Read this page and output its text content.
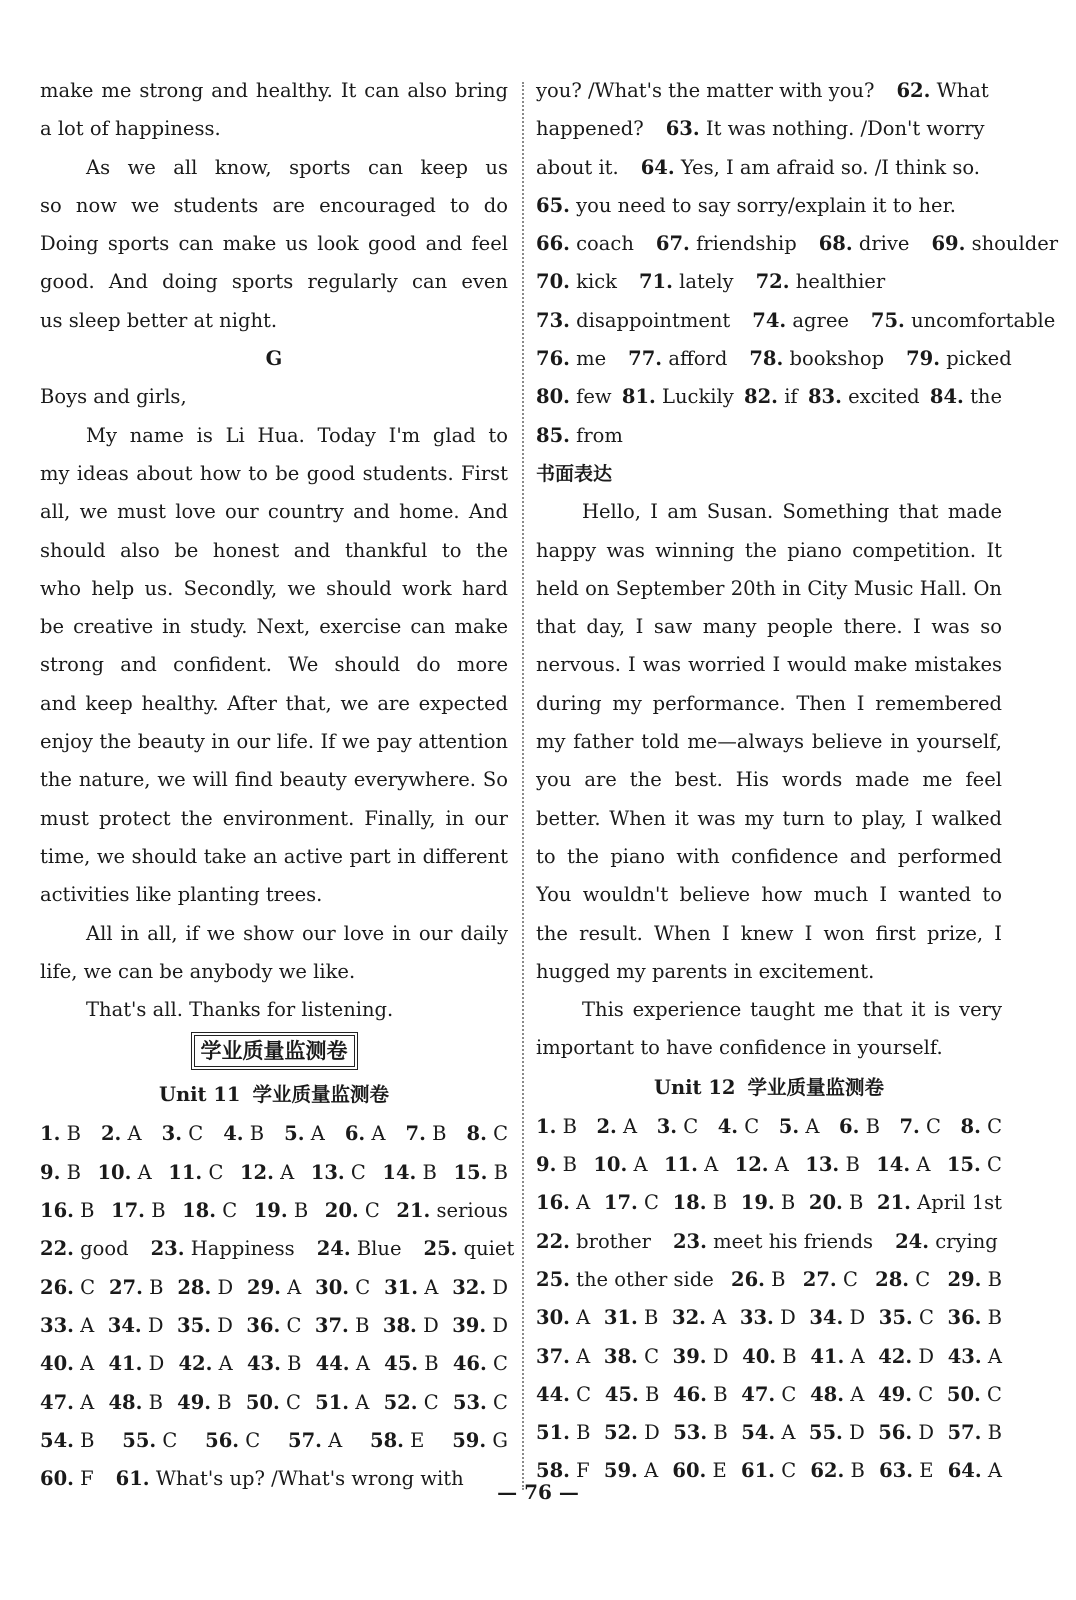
make me strong and healthy. It can also bring
a lot of happiness.
As we all know, sports can keep us
so now we students are encouraged to do
Doing sports can make us look good and feel
good. And doing sports regularly can even
us sleep better at night.
G
Boys and girls,
My name is Li Hua. Today I'm glad to
my ideas about how to be good students. First
all, we must love our country and home. And
should also be honest and thankful to the
who help us. Secondly, we should work hard
be creative in study. Next, exercise can make
strong and confident. We should do more
and keep healthy. After that, we are expected
enjoy the beauty in our life. If we pay attention
the nature, we will find beauty everywhere. So
must protect the environment. Finally, in our
time, we should take an active part in different
activities like planting trees.
All in all, if we show our love in our daily
life, we can be anybody we like.
That's all. Thanks for listening.
学业质量监测卷
Unit 11 学业质量监测卷
1. B 2. A 3. C 4. B 5. A 6. A 7. B 8. C
9. B 10. A 11. C 12. A 13. C 14. B 15. B
16. B 17. B 18. C 19. B 20. C 21. serious
22. good 23. Happiness 24. Blue 25. quiet
26. C 27. B 28. D 29. A 30. C 31. A 32. D
33. A 34. D 35. D 36. C 37. B 38. D 39. D
40. A 41. D 42. A 43. B 44. A 45. B 46. C
47. A 48. B 49. B 50. C 51. A 52. C 53. C
54. B 55. C 56. C 57. A 58. E 59. G
60. F 61. What's up? /What's wrong with
you? /What's the matter with you? 62. What
happened? 63. It was nothing. /Don't worry
about it. 64. Yes, I am afraid so. /I think so.
65. you need to say sorry/explain it to her.
66. coach 67. friendship 68. drive 69. shoulder
70. kick 71. lately 72. healthier
73. disappointment 74. agree 75. uncomfortable
76. me 77. afford 78. bookshop 79. picked
80. few 81. Luckily 82. if 83. excited 84. the
85. from
书面表达
Hello, I am Susan. Something that made
happy was winning the piano competition. It
held on September 20th in City Music Hall. On
that day, I saw many people there. I was so
nervous. I was worried I would make mistakes
during my performance. Then I remembered
my father told me—always believe in yourself,
you are the best. His words made me feel
better. When it was my turn to play, I walked
to the piano with confidence and performed
You wouldn't believe how much I wanted to
the result. When I knew I won first prize, I
hugged my parents in excitement.
This experience taught me that it is very
important to have confidence in yourself.
Unit 12 学业质量监测卷
1. B 2. A 3. C 4. C 5. A 6. B 7. C 8. C
9. B 10. A 11. A 12. A 13. B 14. A 15. C
16. A 17. C 18. B 19. B 20. B 21. April 1st
22. brother 23. meet his friends 24. crying
25. the other side 26. B 27. C 28. C 29. B
30. A 31. B 32. A 33. D 34. D 35. C 36. B
37. A 38. C 39. D 40. B 41. A 42. D 43. A
44. C 45. B 46. B 47. C 48. A 49. C 50. C
51. B 52. D 53. B 54. A 55. D 56. D 57. B
58. F 59. A 60. E 61. C 62. B 63. E 64. A
— 76 —
